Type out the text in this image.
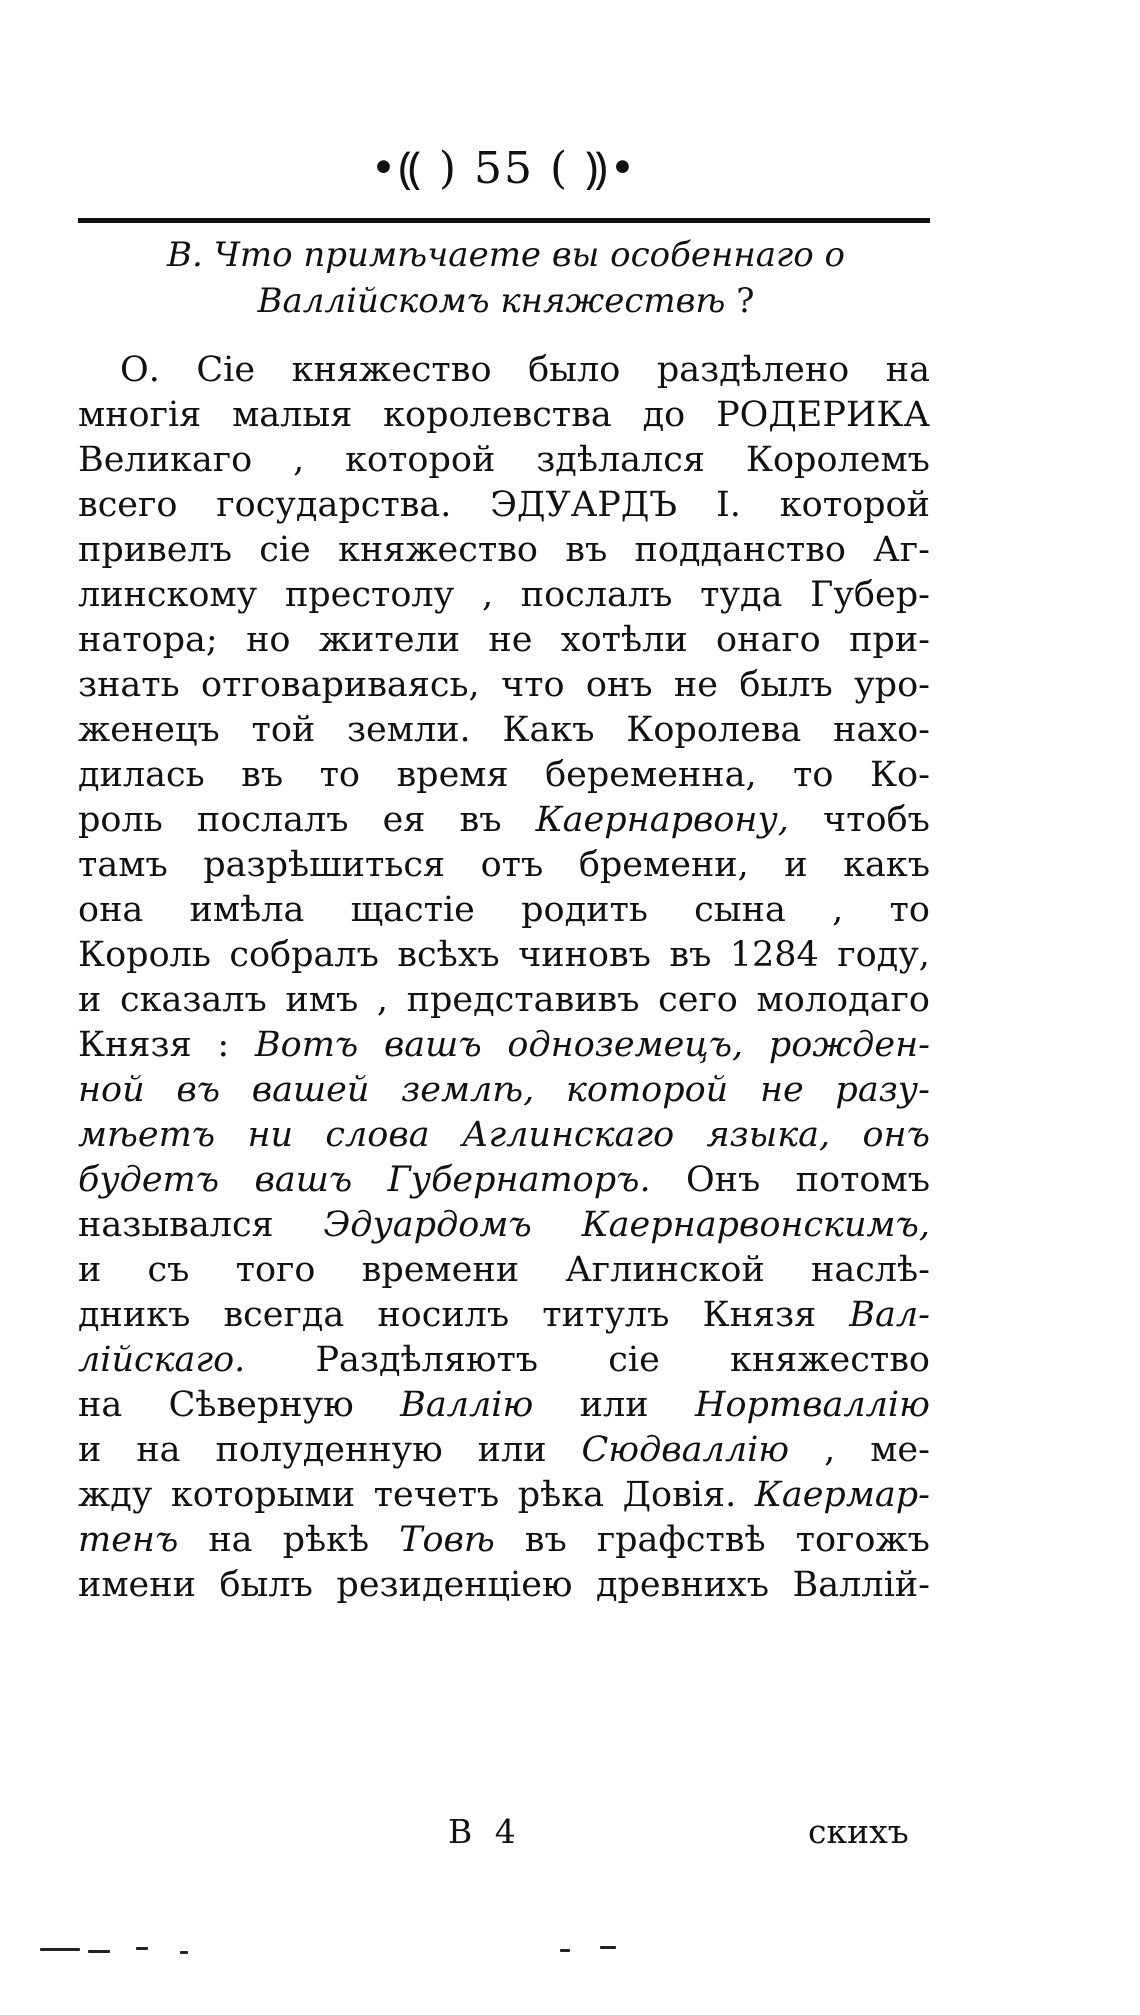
•⸨ ) 55 ( ⸩•
В. Что примѣчаете вы особеннаго о Валлійскомъ княжествѣ ?
О. Сіе княжество было раздѣлено на
многія малыя королевства до РОДЕРИКА
Великаго , которой здѣлался Королемъ
всего государства. ЭДУАРДЪ I. которой
привелъ сіе княжество въ подданство Аг-
линскому престолу , послалъ туда Губер-
натора; но жители не хотѣли онаго при-
знать отговариваясь, что онъ не былъ уро-
женецъ той земли. Какъ Королева нахо-
дилась въ то время беременна, то Ко-
роль послалъ ея въ Каернарвону, чтобъ
тамъ разрѣшиться отъ бремени, и какъ
она имѣла щастіе родить сына , то
Король собралъ всѣхъ чиновъ въ 1284 году,
и сказалъ имъ , представивъ сего молодаго
Князя : Вотъ вашъ одноземецъ, рожден-
ной въ вашей землѣ, которой не разу-
мѣетъ ни слова Аглинскаго языка, онъ
будетъ вашъ Губернаторъ. Онъ потомъ
назывался Эдуардомъ Каернарвонскимъ,
и съ того времени Аглинской наслѣ-
дникъ всегда носилъ титулъ Князя Вал-
лійскаго. Раздѣляютъ сіе княжество
на Сѣверную Валлію или Нортваллію
и на полуденную или Сюдваллію , ме-
жду которыми течетъ рѣка Довія. Каермар-
тенъ на рѣкѣ Товѣ въ графствѣ тогожъ
имени былъ резиденціею древнихъ Валлій-
В 4	скихъ
